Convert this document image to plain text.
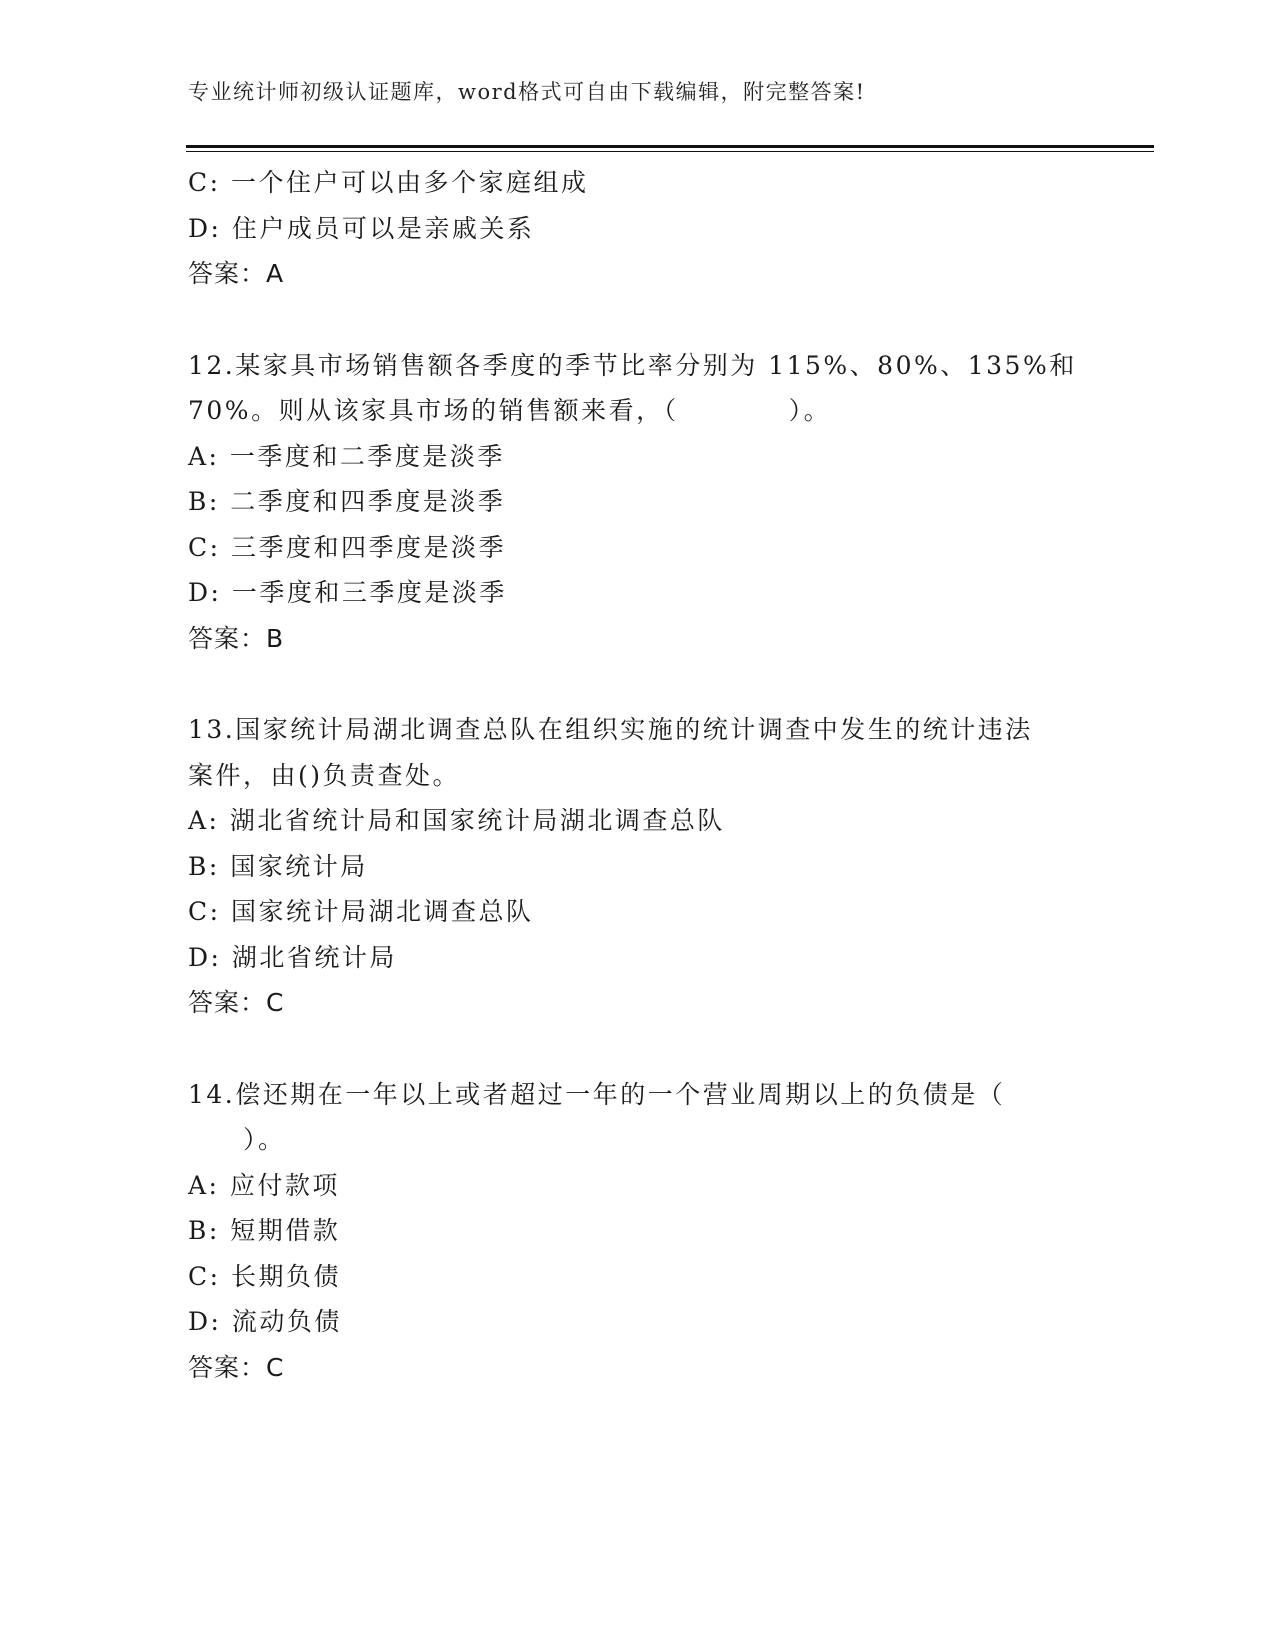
专业统计师初级认证题库，word格式可自由下载编辑，附完整答案!
C: 一个住户可以由多个家庭组成
D: 住户成员可以是亲戚关系
答案：A
12.某家具市场销售额各季度的季节比率分别为 115%、80%、135%和
70%。则从该家具市场的销售额来看，（　　　　）。
A: 一季度和二季度是淡季
B: 二季度和四季度是淡季
C: 三季度和四季度是淡季
D: 一季度和三季度是淡季
答案：B
13.国家统计局湖北调查总队在组织实施的统计调查中发生的统计违法
案件，由()负责查处。
A: 湖北省统计局和国家统计局湖北调查总队
B: 国家统计局
C: 国家统计局湖北调查总队
D: 湖北省统计局
答案：C
14.偿还期在一年以上或者超过一年的一个营业周期以上的负债是（
　　）。
A: 应付款项
B: 短期借款
C: 长期负债
D: 流动负债
答案：C
